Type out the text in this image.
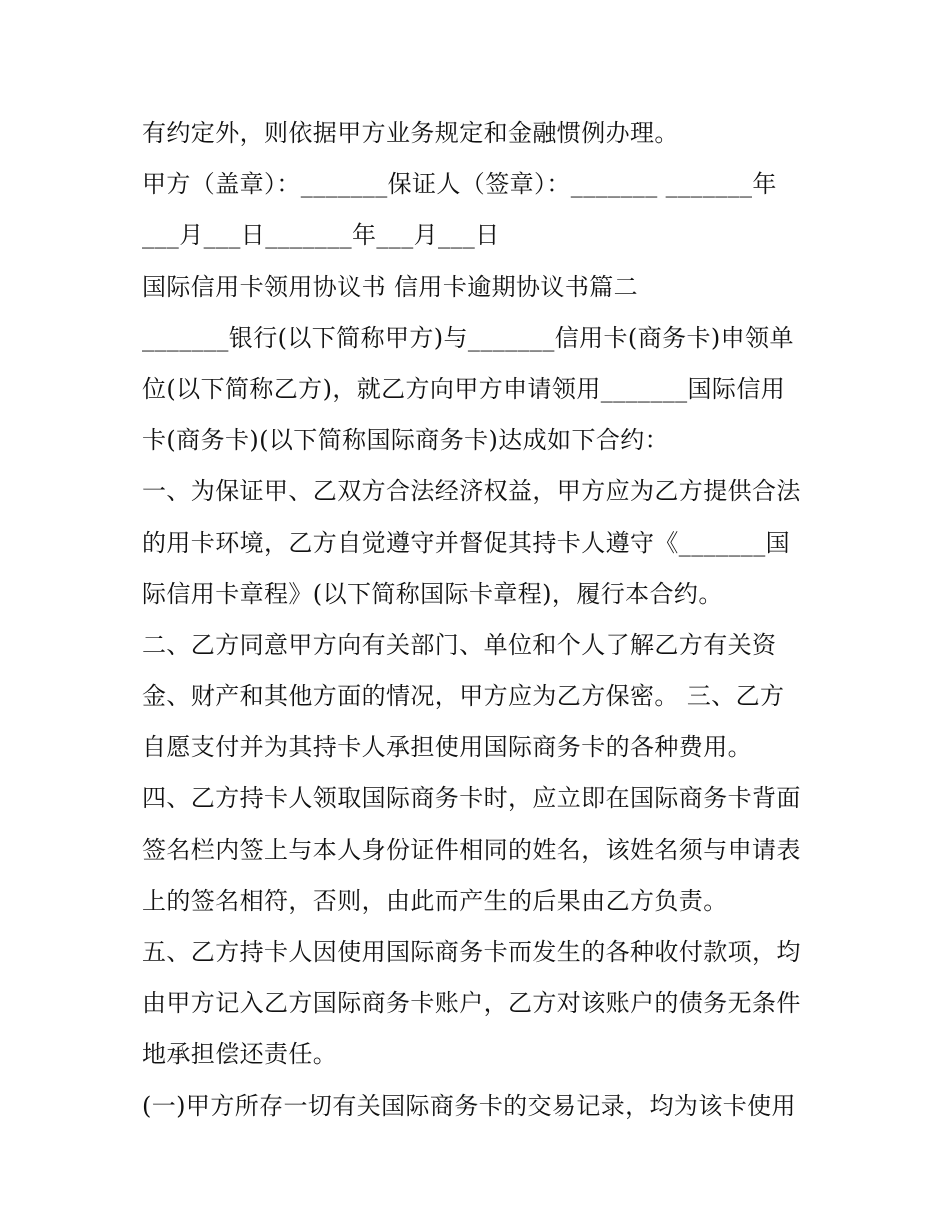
有约定外，则依据甲方业务规定和金融惯例办理。
甲方（盖章）：_______保证人（签章）：_______ _______年
___月___日_______年___月___日
国际信用卡领用协议书 信用卡逾期协议书篇二
_______银行(以下简称甲方)与_______信用卡(商务卡)申领单
位(以下简称乙方)，就乙方向甲方申请领用_______国际信用
卡(商务卡)(以下简称国际商务卡)达成如下合约：
一、为保证甲、乙双方合法经济权益，甲方应为乙方提供合法
的用卡环境，乙方自觉遵守并督促其持卡人遵守《_______国
际信用卡章程》(以下简称国际卡章程)，履行本合约。
二、乙方同意甲方向有关部门、单位和个人了解乙方有关资
金、财产和其他方面的情况，甲方应为乙方保密。 三、乙方
自愿支付并为其持卡人承担使用国际商务卡的各种费用。
四、乙方持卡人领取国际商务卡时，应立即在国际商务卡背面
签名栏内签上与本人身份证件相同的姓名，该姓名须与申请表
上的签名相符，否则，由此而产生的后果由乙方负责。
五、乙方持卡人因使用国际商务卡而发生的各种收付款项，均
由甲方记入乙方国际商务卡账户，乙方对该账户的债务无条件
地承担偿还责任。
(一)甲方所存一切有关国际商务卡的交易记录，均为该卡使用
